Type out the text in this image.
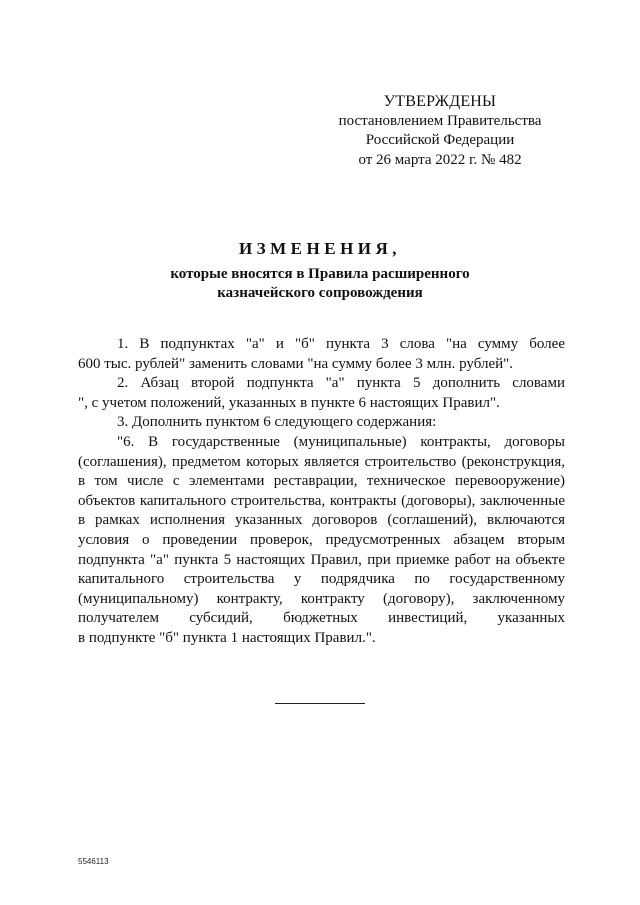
УТВЕРЖДЕНЫ
постановлением Правительства
Российской Федерации
от 26 марта 2022 г. № 482
ИЗМЕНЕНИЯ,
которые вносятся в Правила расширенного
казначейского сопровождения

1. В подпунктах "а" и "б" пункта 3 слова "на сумму более
600 тыс. рублей" заменить словами "на сумму более 3 млн. рублей".

2. Абзац второй подпункта "а" пункта 5 дополнить словами
", с учетом положений, указанных в пункте 6 настоящих Правил".

3. Дополнить пунктом 6 следующего содержания:

"6. В государственные (муниципальные) контракты, договоры
(соглашения), предметом которых является строительство (реконструкция,
в том числе с элементами реставрации, техническое перевооружение)
объектов капитального строительства, контракты (договоры), заключенные
в рамках исполнения указанных договоров (соглашений), включаются
условия о проведении проверок, предусмотренных абзацем вторым
подпункта "а" пункта 5 настоящих Правил, при приемке работ на объекте
капитального строительства у подрядчика по государственному
(муниципальному) контракту, контракту (договору), заключенному
получателем субсидий, бюджетных инвестиций, указанных
в подпункте "б" пункта 1 настоящих Правил.".

5546113
